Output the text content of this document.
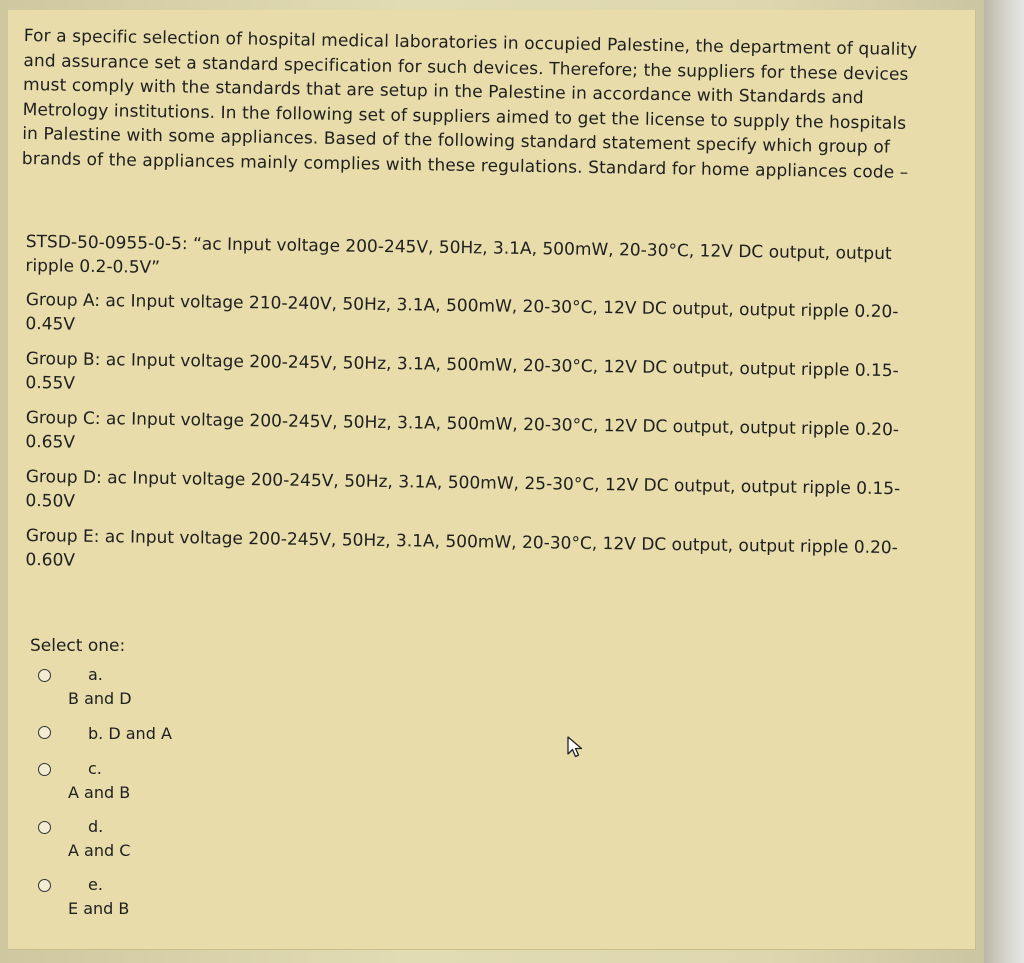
For a specific selection of hospital medical laboratories in occupied Palestine, the department of quality and assurance set a standard specification for such devices. Therefore; the suppliers for these devices must comply with the standards that are setup in the Palestine in accordance with Standards and Metrology institutions. In the following set of suppliers aimed to get the license to supply the hospitals in Palestine with some appliances. Based of the following standard statement specify which group of brands of the appliances mainly complies with these regulations. Standard for home appliances code –

STSD-50-0955-0-5: “ac Input voltage 200-245V, 50Hz, 3.1A, 500mW, 20-30°C, 12V DC output, output ripple 0.2-0.5V”

Group A: ac Input voltage 210-240V, 50Hz, 3.1A, 500mW, 20-30°C, 12V DC output, output ripple 0.20-0.45V

Group B: ac Input voltage 200-245V, 50Hz, 3.1A, 500mW, 20-30°C, 12V DC output, output ripple 0.15-0.55V

Group C: ac Input voltage 200-245V, 50Hz, 3.1A, 500mW, 20-30°C, 12V DC output, output ripple 0.20-0.65V

Group D: ac Input voltage 200-245V, 50Hz, 3.1A, 500mW, 25-30°C, 12V DC output, output ripple 0.15-0.50V

Group E: ac Input voltage 200-245V, 50Hz, 3.1A, 500mW, 20-30°C, 12V DC output, output ripple 0.20-0.60V

Select one:

a.
B and D
b. D and A
c.
A and B
d.
A and C
e.
E and B
